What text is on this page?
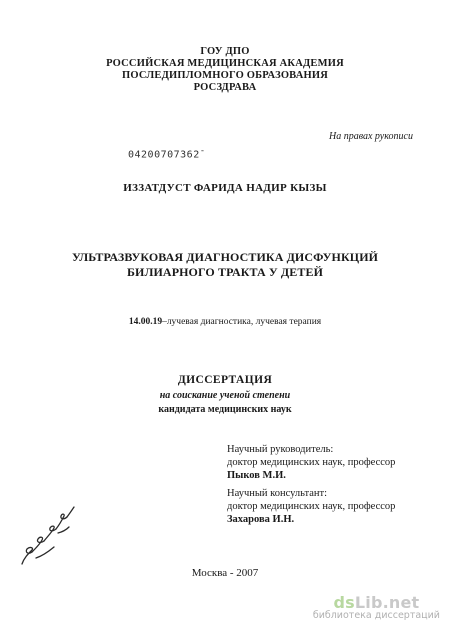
ГОУ ДПО
РОССИЙСКАЯ МЕДИЦИНСКАЯ АКАДЕМИЯ
ПОСЛЕДИПЛОМНОГО ОБРАЗОВАНИЯ
РОСЗДРАВА
На правах рукописи
04200707362-
ИЗЗАТДУСТ ФАРИДА НАДИР КЫЗЫ
УЛЬТРАЗВУКОВАЯ ДИАГНОСТИКА ДИСФУНКЦИЙ
БИЛИАРНОГО ТРАКТА У ДЕТЕЙ
14.00.19–лучевая диагностика, лучевая терапия
ДИССЕРТАЦИЯ
на соискание ученой степени
кандидата медицинских наук
Научный руководитель:
доктор медицинских наук, профессор
Пыков М.И.
Научный консультант:
доктор медицинских наук, профессор
Захарова И.Н.
Москва - 2007
dsLib.net
библиотека диссертаций
